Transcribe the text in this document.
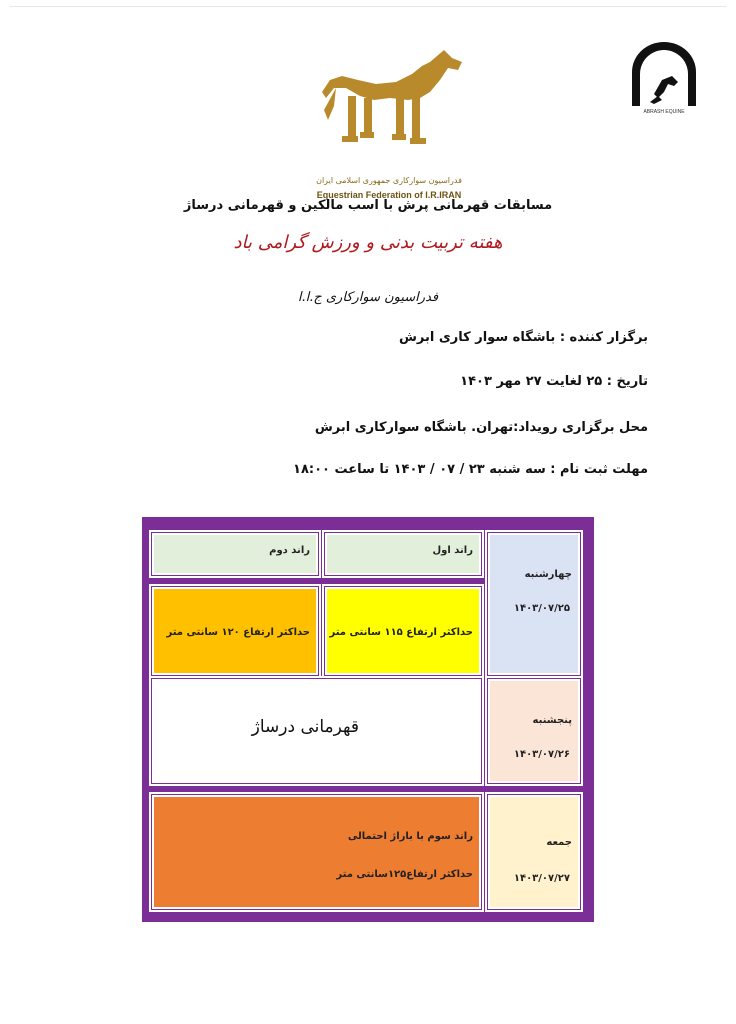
فدراسیون سوارکاری جمهوری اسلامی ایران
Equestrian Federation of I.R.IRAN
ABRASH EQUINE
مسابقات قهرمانی پرش با اسب مالکین و قهرمانی درساژ
هفته تربیت بدنی و ورزش گرامی باد
فدراسیون سوارکاری ج.ا.ا
برگزار کننده : باشگاه سوار کاری ابرش
تاریخ : ۲۵ لغایت ۲۷ مهر ۱۴۰۳
محل برگزاری رویداد:تهران. باشگاه سوارکاری ابرش
مهلت ثبت نام : سه شنبه ۲۳ / ۰۷ / ۱۴۰۳ تا ساعت ۱۸:۰۰
چهارشنبه
۱۴۰۳/۰۷/۲۵
راند اول
راند دوم
حداکثر ارتفاع ۱۱۵ سانتی متر
حداکثر ارتفاع ۱۲۰ سانتی متر
پنجشنبه
۱۴۰۳/۰۷/۲۶
قهرمانی درساژ
جمعه
۱۴۰۳/۰۷/۲۷
راند سوم با باراژ احتمالی
حداکثر ارتفاع۱۲۵سانتی متر
